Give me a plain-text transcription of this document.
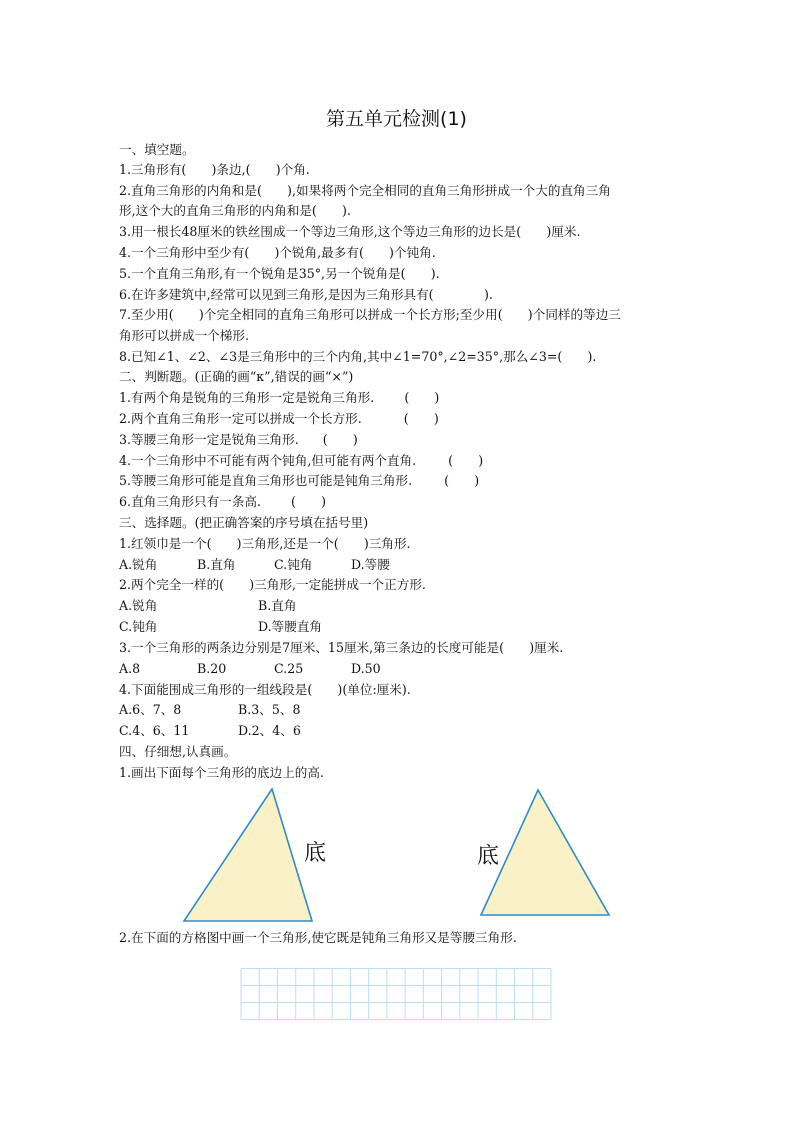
第五单元检测(1)
一、填空题。
1.三角形有(　　)条边,(　　)个角.
2.直角三角形的内角和是(　　),如果将两个完全相同的直角三角形拼成一个大的直角三角
形,这个大的直角三角形的内角和是(　　).
3.用一根长48厘米的铁丝围成一个等边三角形,这个等边三角形的边长是(　　)厘米.
4.一个三角形中至少有(　　)个锐角,最多有(　　)个钝角.
5.一个直角三角形,有一个锐角是35°,另一个锐角是(　　).
6.在许多建筑中,经常可以见到三角形,是因为三角形具有(　　　　).
7.至少用(　　)个完全相同的直角三角形可以拼成一个长方形;至少用(　　)个同样的等边三
角形可以拼成一个梯形.
8.已知∠1、∠2、∠3是三角形中的三个内角,其中∠1=70°,∠2=35°,那么∠3=(　　).
二、判断题。(正确的画“κ”,错误的画“×”)
1.有两个角是锐角的三角形一定是锐角三角形. (　　)
2.两个直角三角形一定可以拼成一个长方形.	(　　)
3.等腰三角形一定是锐角三角形. (　　)
4.一个三角形中不可能有两个钝角,但可能有两个直角.	(　　)
5.等腰三角形可能是直角三角形也可能是钝角三角形.	(　　)
6.直角三角形只有一条高. (　　)
三、选择题。(把正确答案的序号填在括号里)
1.红领巾是一个(　　)三角形,还是一个(　　)三角形.
A.锐角	B.直角	C.钝角	D.等腰
2.两个完全一样的(　　)三角形,一定能拼成一个正方形.
A.锐角	B.直角
C.钝角	D.等腰直角
3.一个三角形的两条边分别是7厘米、15厘米,第三条边的长度可能是(　　)厘米.
A.8	B.20	C.25	D.50
4.下面能围成三角形的一组线段是(　　)(单位:厘米).
A.6、7、8	B.3、5、8
C.4、6、11	D.2、4、6
四、仔细想,认真画。
1.画出下面每个三角形的底边上的高.
底	底
2.在下面的方格图中画一个三角形,使它既是钝角三角形又是等腰三角形.
